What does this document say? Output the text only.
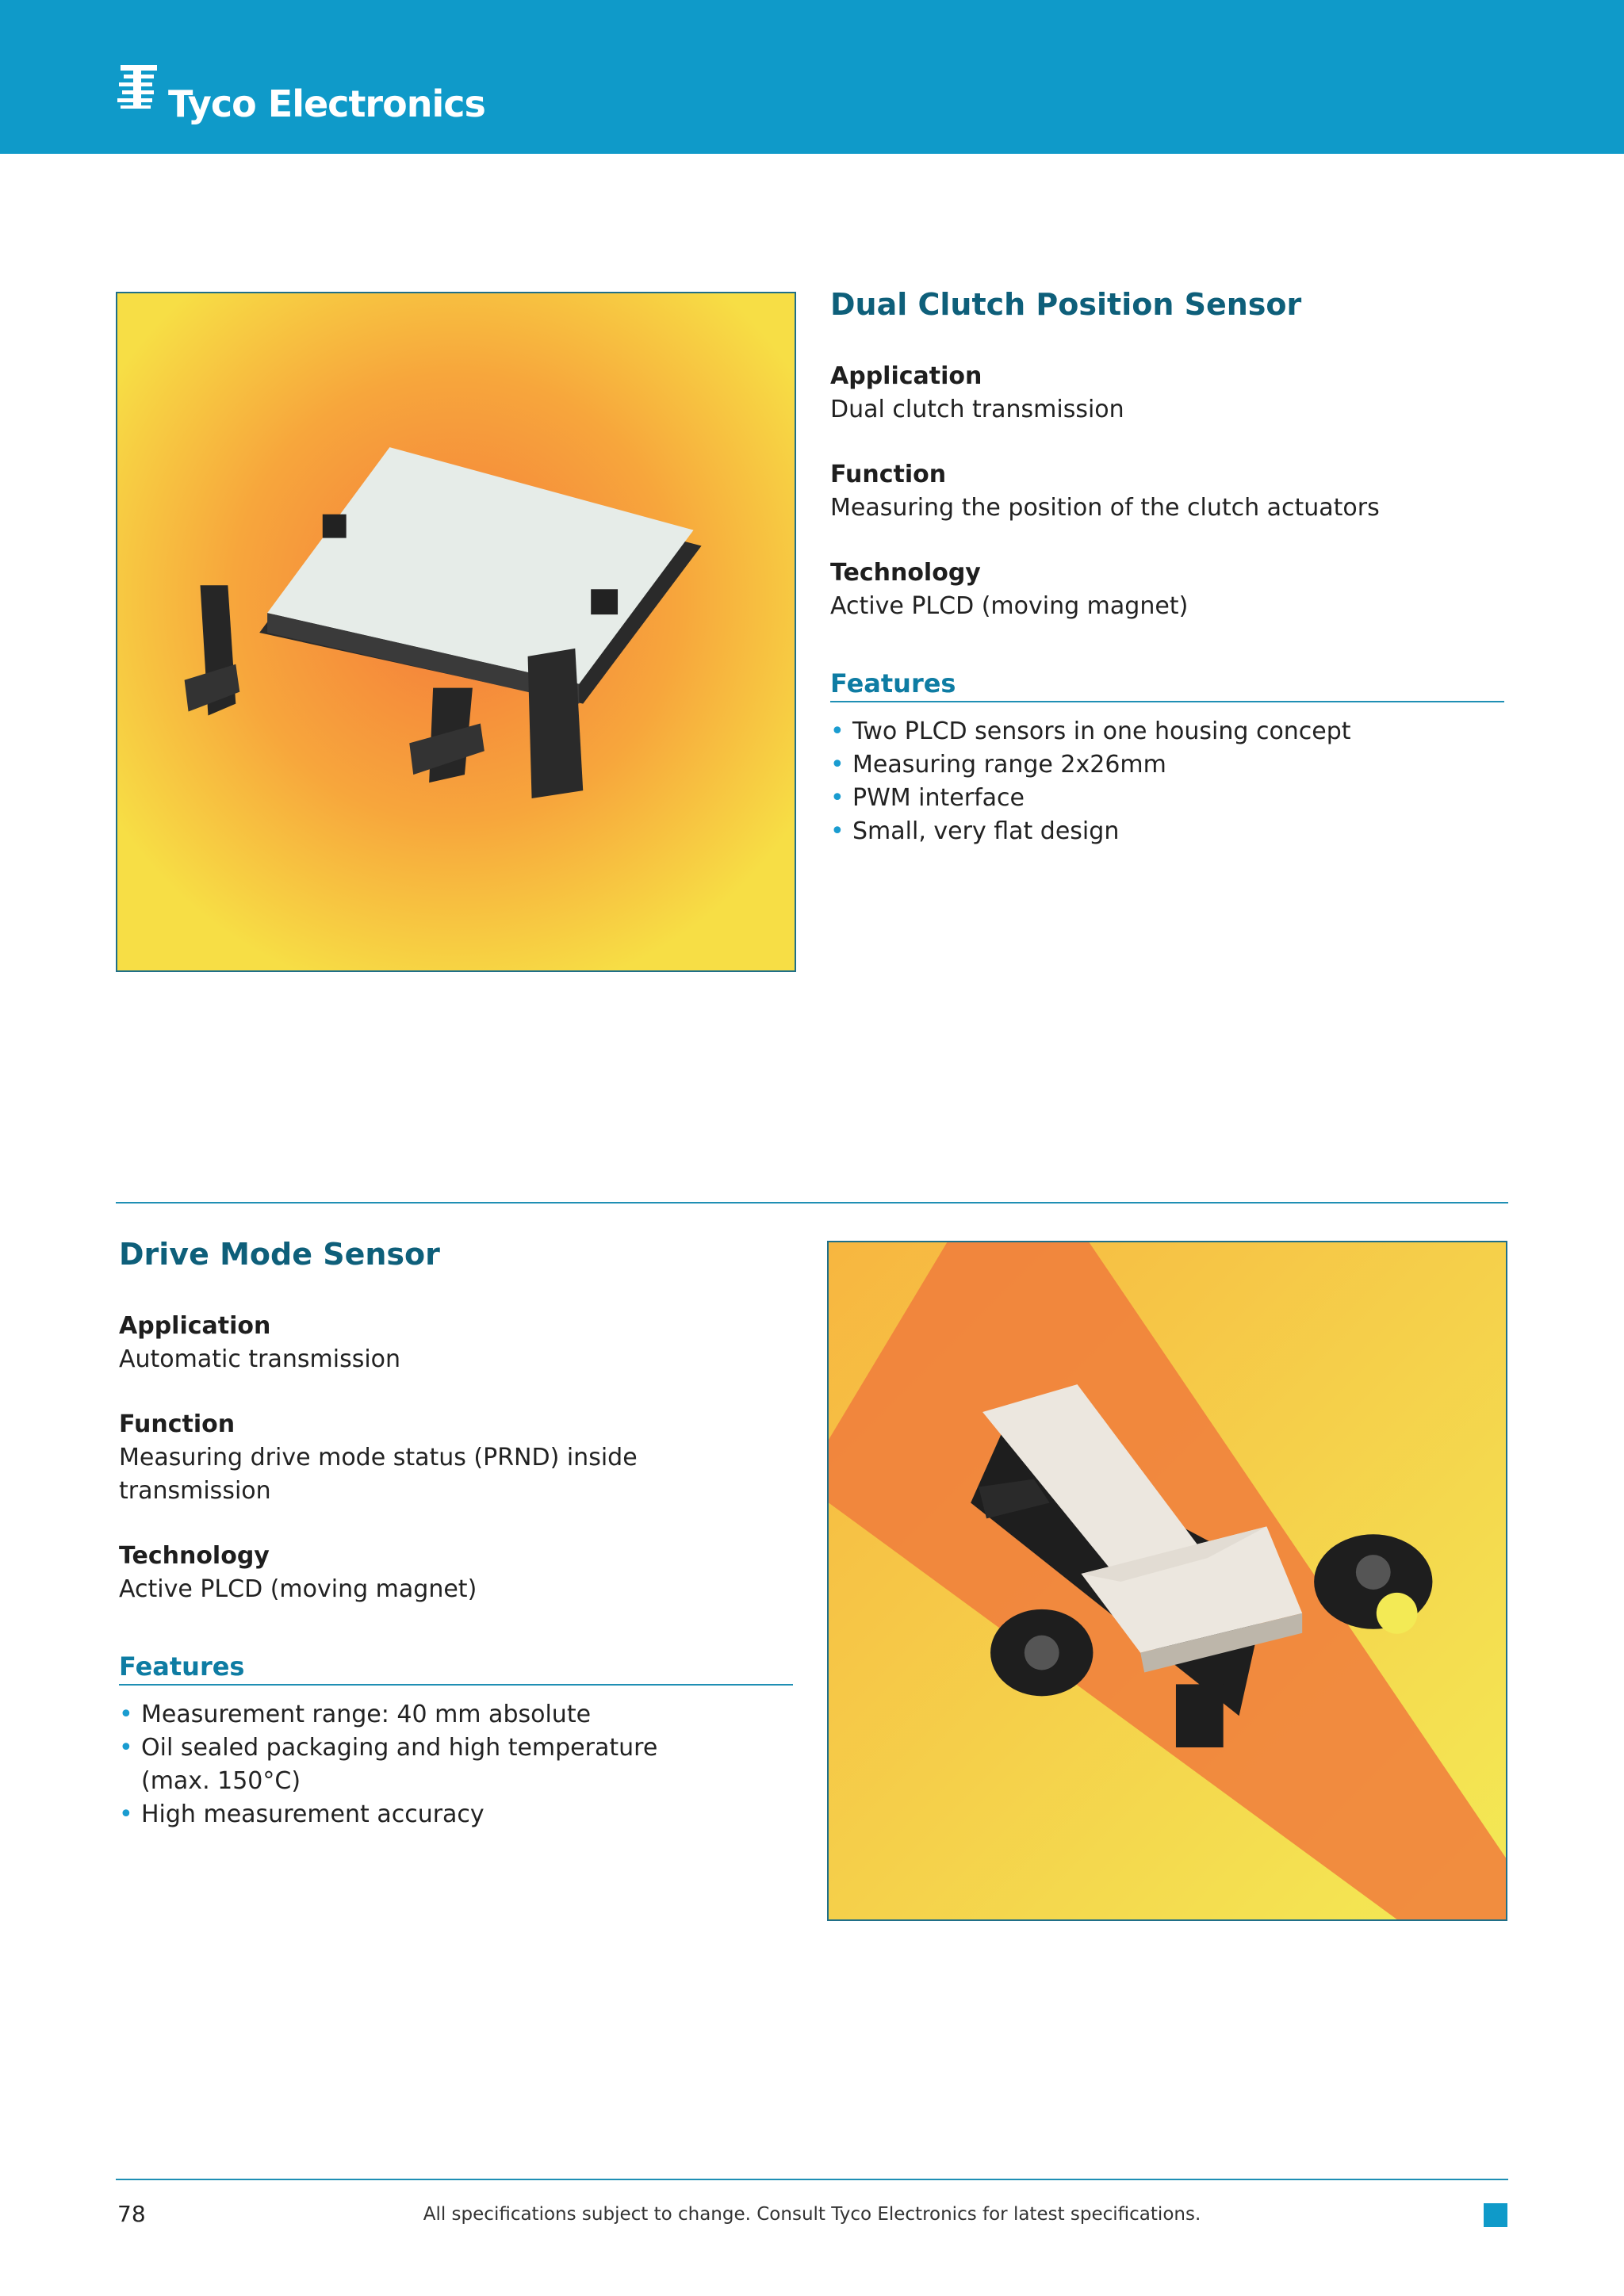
Tyco Electronics
Dual Clutch Position Sensor

Application

Dual clutch transmission

Function

Measuring the position of the clutch actuators

Technology

Active PLCD (moving magnet)

Features
• Two PLCD sensors in one housing concept
• Measuring range 2x26mm
• PWM interface
• Small, very flat design
Drive Mode Sensor

Application

Automatic transmission

Function

Measuring drive mode status (PRND) inside transmission

Technology

Active PLCD (moving magnet)

Features
• Measurement range: 40 mm absolute
• Oil sealed packaging and high temperature (max. 150°C)
• High measurement accuracy
78	All specifications subject to change. Consult Tyco Electronics for latest specifications.
